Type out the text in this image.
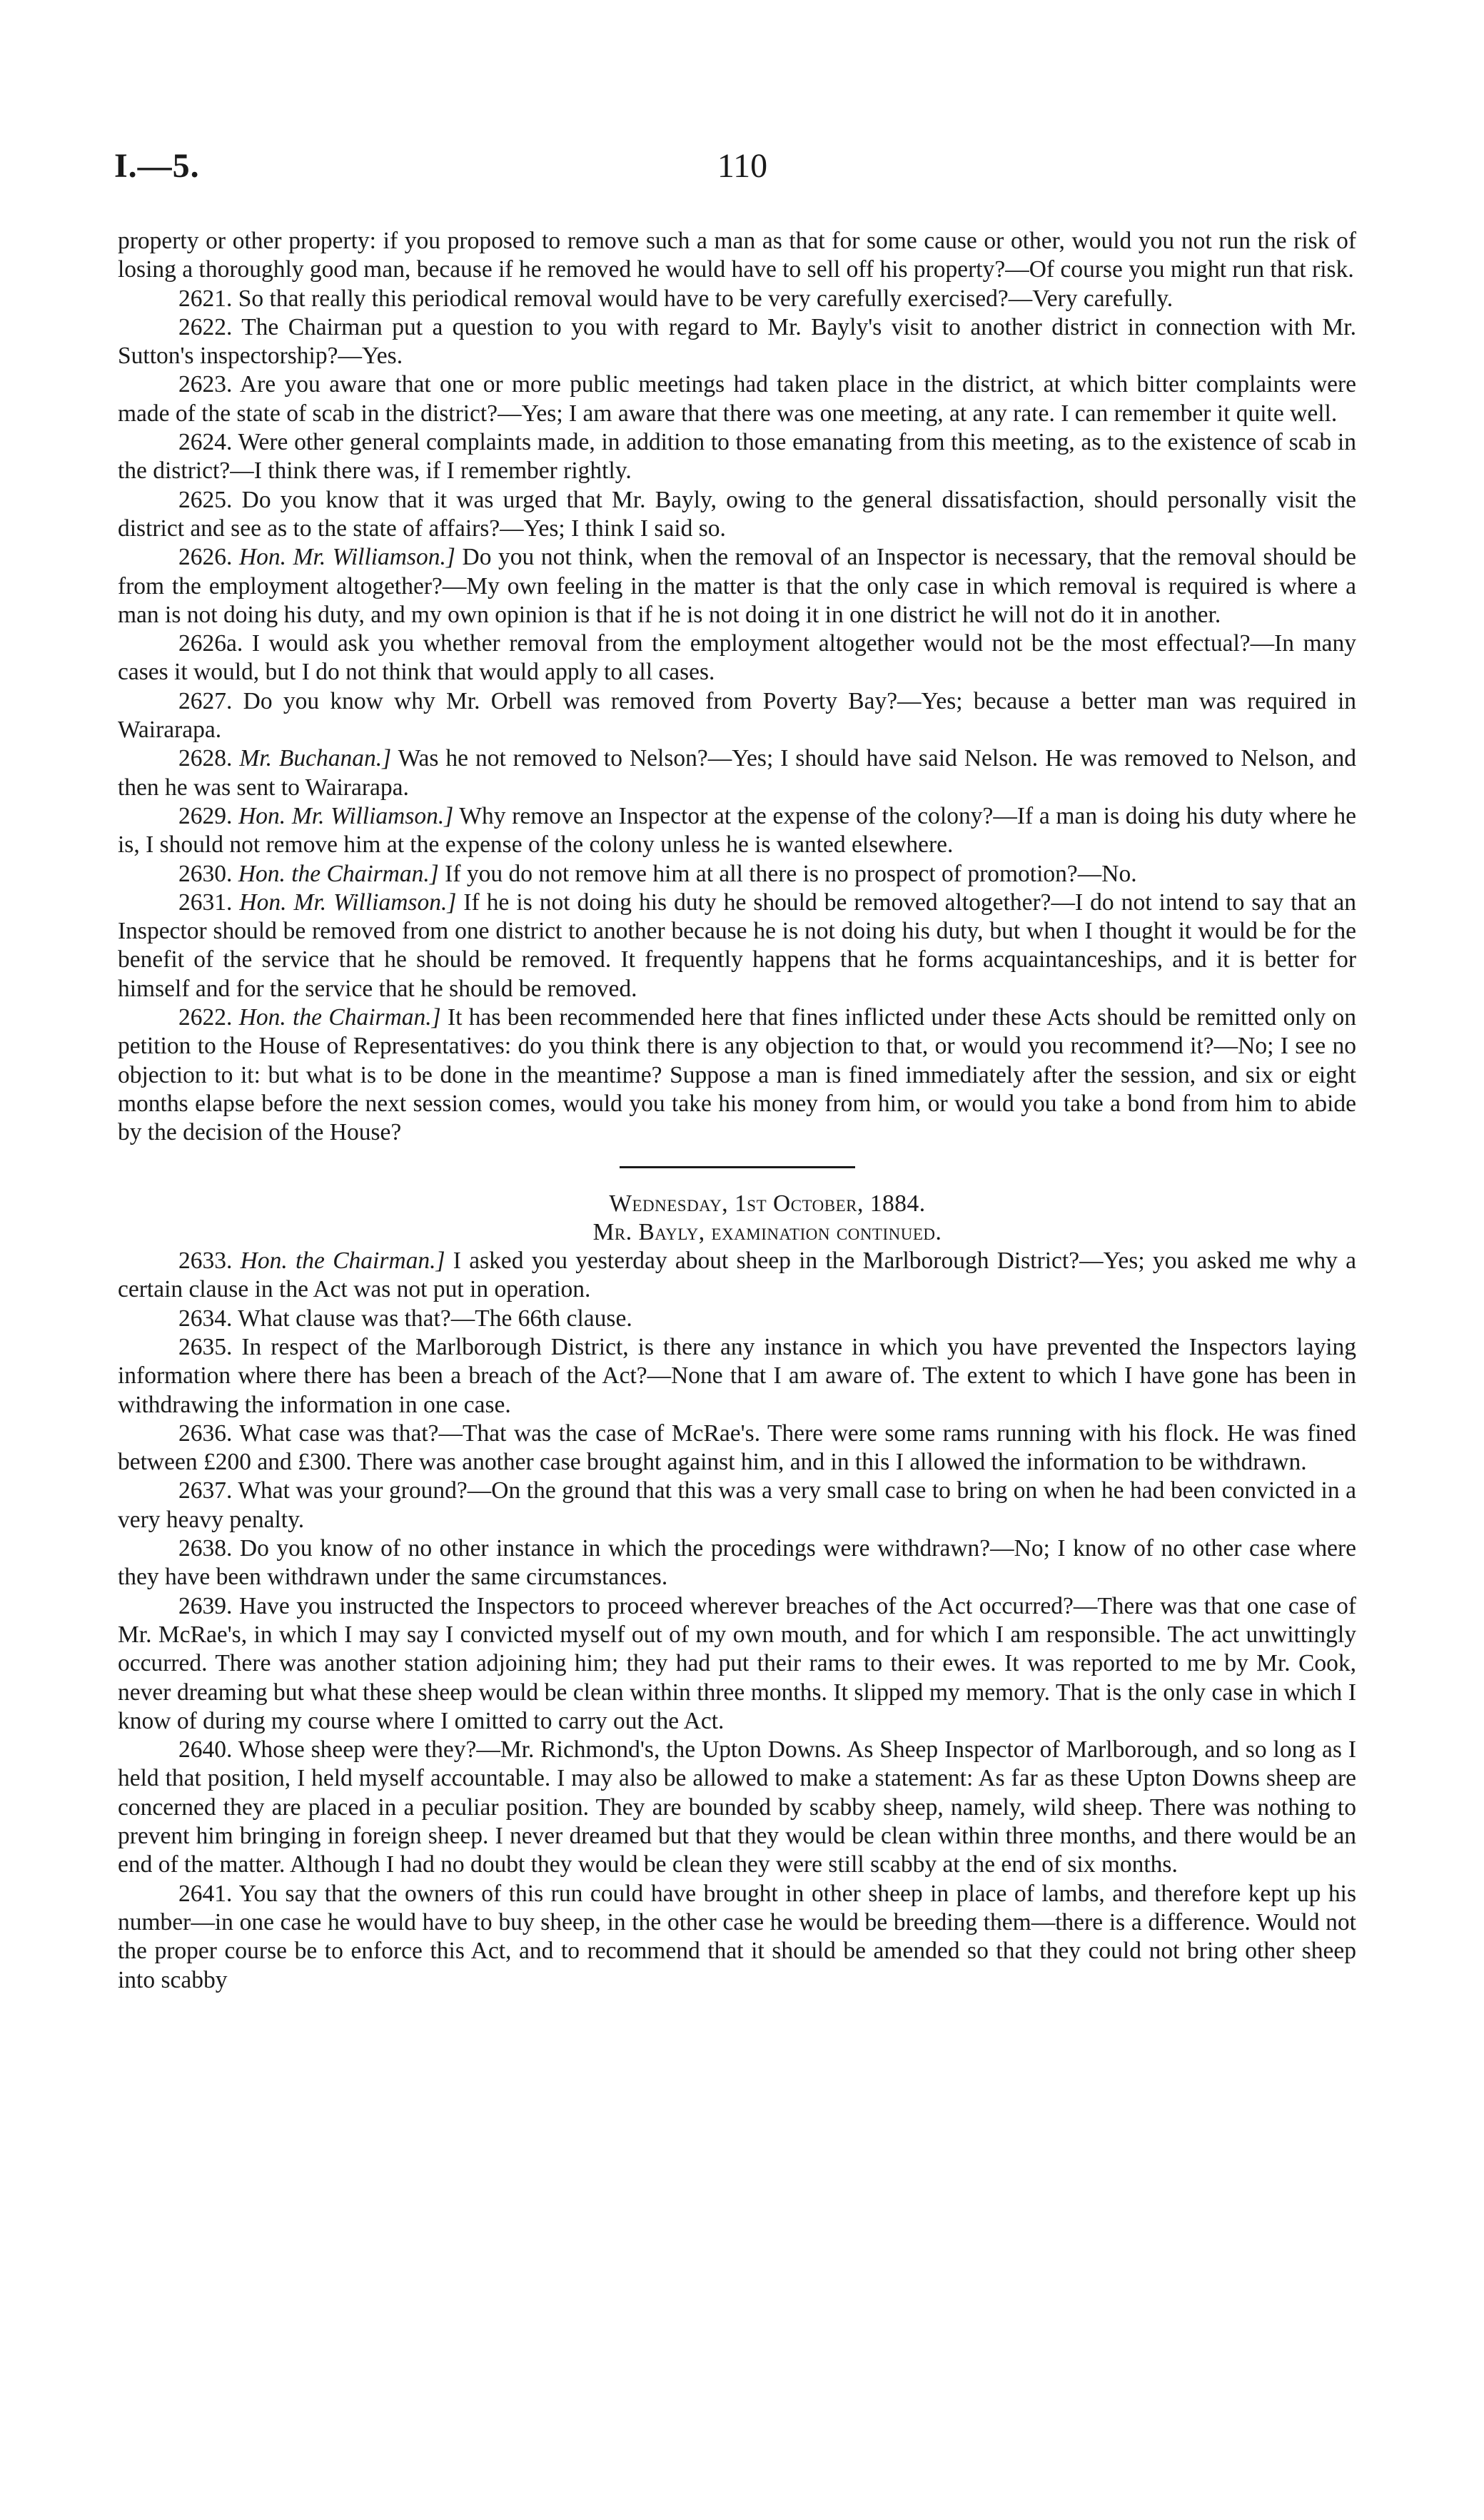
I.—5.	110

property or other property: if you proposed to remove such a man as that for some cause or other, would you not run the risk of losing a thoroughly good man, because if he removed he would have to sell off his property?—Of course you might run that risk.

2621. So that really this periodical removal would have to be very carefully exercised?—Very carefully.

2622. The Chairman put a question to you with regard to Mr. Bayly's visit to another district in connection with Mr. Sutton's inspectorship?—Yes.

2623. Are you aware that one or more public meetings had taken place in the district, at which bitter complaints were made of the state of scab in the district?—Yes; I am aware that there was one meeting, at any rate. I can remember it quite well.

2624. Were other general complaints made, in addition to those emanating from this meeting, as to the existence of scab in the district?—I think there was, if I remember rightly.

2625. Do you know that it was urged that Mr. Bayly, owing to the general dissatisfaction, should personally visit the district and see as to the state of affairs?—Yes; I think I said so.

2626. Hon. Mr. Williamson.] Do you not think, when the removal of an Inspector is necessary, that the removal should be from the employment altogether?—My own feeling in the matter is that the only case in which removal is required is where a man is not doing his duty, and my own opinion is that if he is not doing it in one district he will not do it in another.

2626a. I would ask you whether removal from the employment altogether would not be the most effectual?—In many cases it would, but I do not think that would apply to all cases.

2627. Do you know why Mr. Orbell was removed from Poverty Bay?—Yes; because a better man was required in Wairarapa.

2628. Mr. Buchanan.] Was he not removed to Nelson?—Yes; I should have said Nelson. He was removed to Nelson, and then he was sent to Wairarapa.

2629. Hon. Mr. Williamson.] Why remove an Inspector at the expense of the colony?—If a man is doing his duty where he is, I should not remove him at the expense of the colony unless he is wanted elsewhere.

2630. Hon. the Chairman.] If you do not remove him at all there is no prospect of promotion?—No.

2631. Hon. Mr. Williamson.] If he is not doing his duty he should be removed altogether?—I do not intend to say that an Inspector should be removed from one district to another because he is not doing his duty, but when I thought it would be for the benefit of the service that he should be removed. It frequently happens that he forms acquaintanceships, and it is better for himself and for the service that he should be removed.

2622. Hon. the Chairman.] It has been recommended here that fines inflicted under these Acts should be remitted only on petition to the House of Representatives: do you think there is any objection to that, or would you recommend it?—No; I see no objection to it: but what is to be done in the meantime? Suppose a man is fined immediately after the session, and six or eight months elapse before the next session comes, would you take his money from him, or would you take a bond from him to abide by the decision of the House?

Wednesday, 1st October, 1884.

Mr. Bayly, examination continued.

2633. Hon. the Chairman.] I asked you yesterday about sheep in the Marlborough District?—Yes; you asked me why a certain clause in the Act was not put in operation.

2634. What clause was that?—The 66th clause.

2635. In respect of the Marlborough District, is there any instance in which you have prevented the Inspectors laying information where there has been a breach of the Act?—None that I am aware of. The extent to which I have gone has been in withdrawing the information in one case.

2636. What case was that?—That was the case of McRae's. There were some rams running with his flock. He was fined between £200 and £300. There was another case brought against him, and in this I allowed the information to be withdrawn.

2637. What was your ground?—On the ground that this was a very small case to bring on when he had been convicted in a very heavy penalty.

2638. Do you know of no other instance in which the procedings were withdrawn?—No; I know of no other case where they have been withdrawn under the same circumstances.

2639. Have you instructed the Inspectors to proceed wherever breaches of the Act occurred?—There was that one case of Mr. McRae's, in which I may say I convicted myself out of my own mouth, and for which I am responsible. The act unwittingly occurred. There was another station adjoining him; they had put their rams to their ewes. It was reported to me by Mr. Cook, never dreaming but what these sheep would be clean within three months. It slipped my memory. That is the only case in which I know of during my course where I omitted to carry out the Act.

2640. Whose sheep were they?—Mr. Richmond's, the Upton Downs. As Sheep Inspector of Marlborough, and so long as I held that position, I held myself accountable. I may also be allowed to make a statement: As far as these Upton Downs sheep are concerned they are placed in a peculiar position. They are bounded by scabby sheep, namely, wild sheep. There was nothing to prevent him bringing in foreign sheep. I never dreamed but that they would be clean within three months, and there would be an end of the matter. Although I had no doubt they would be clean they were still scabby at the end of six months.

2641. You say that the owners of this run could have brought in other sheep in place of lambs, and therefore kept up his number—in one case he would have to buy sheep, in the other case he would be breeding them—there is a difference. Would not the proper course be to enforce this Act, and to recommend that it should be amended so that they could not bring other sheep into scabby
